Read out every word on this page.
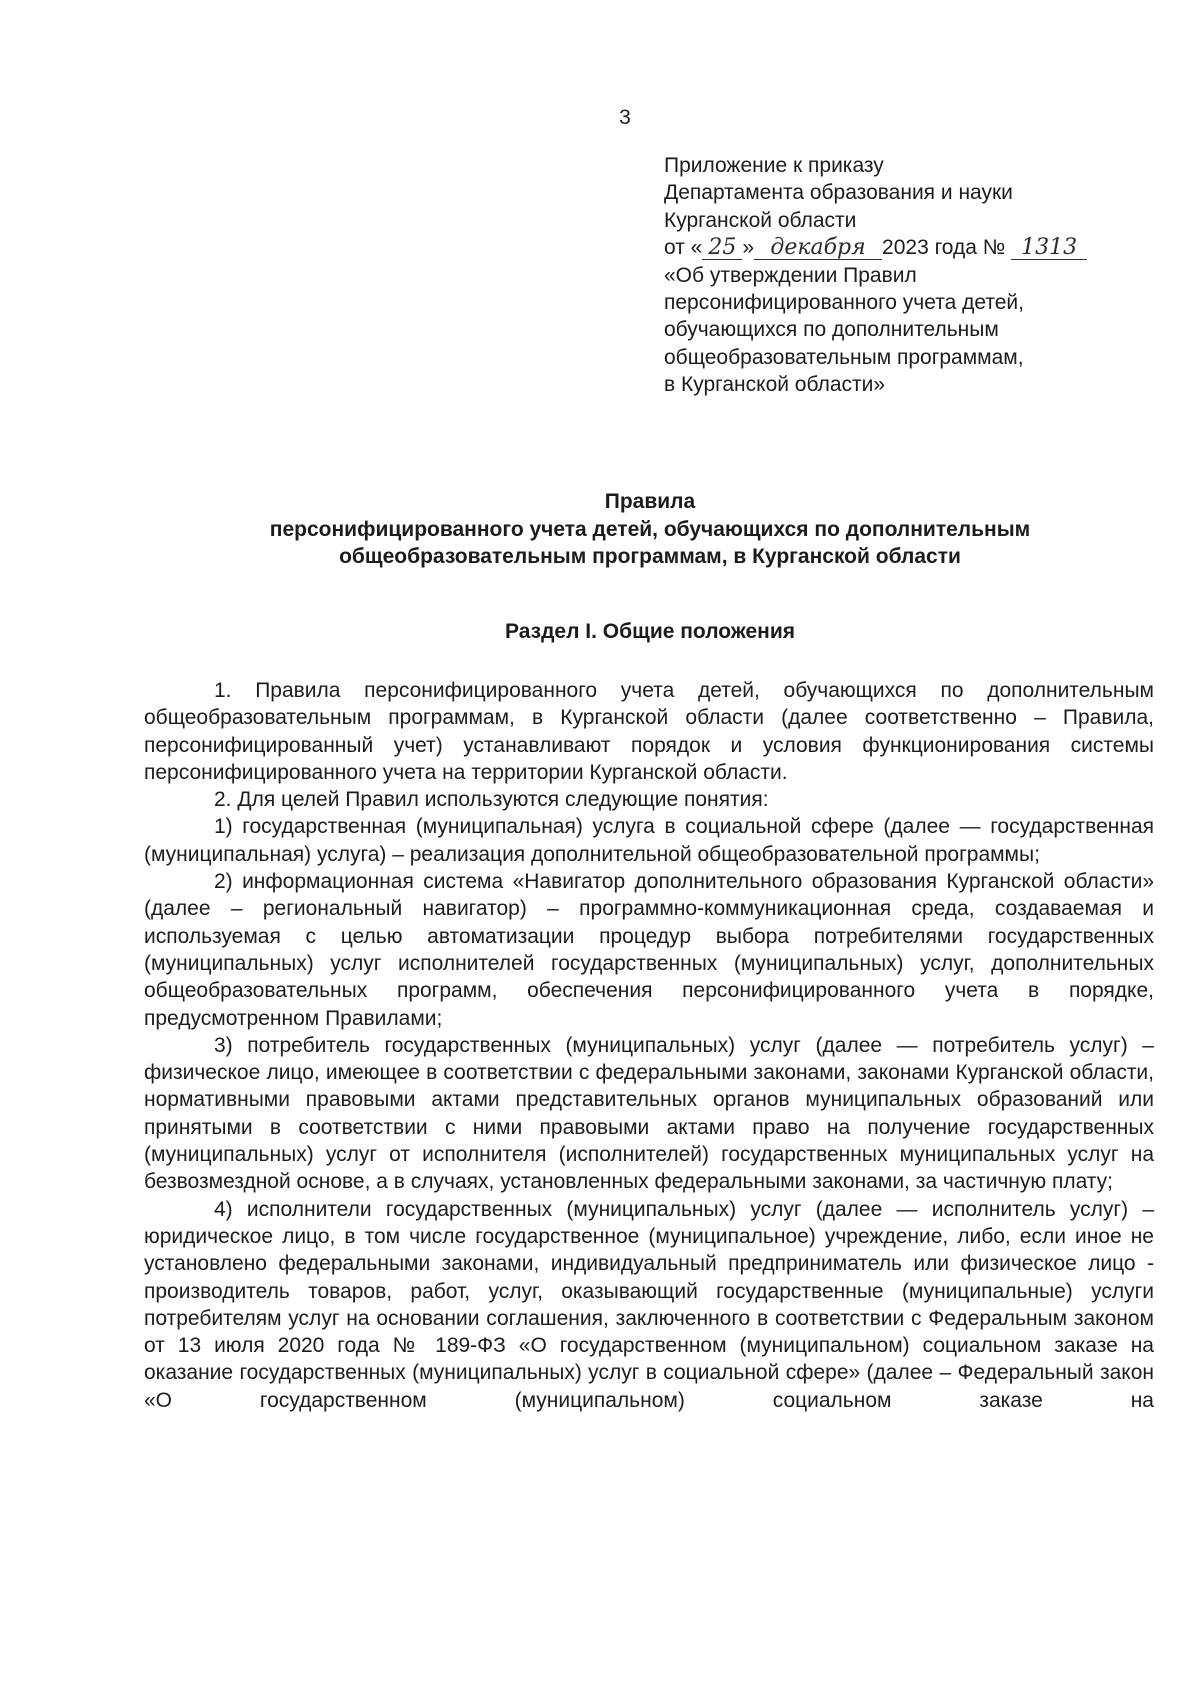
3
Приложение к приказу
Департамента образования и науки
Курганской области
от « 25 » декабря 2023 года № 1313
«Об утверждении Правил
персонифицированного учета детей,
обучающихся по дополнительным
общеобразовательным программам,
в Курганской области»
Правила
персонифицированного учета детей, обучающихся по дополнительным
общеобразовательным программам, в Курганской области
Раздел I. Общие положения

1. Правила персонифицированного учета детей, обучающихся по дополнительным общеобразовательным программам, в Курганской области (далее соответственно – Правила, персонифицированный учет) устанавливают порядок и условия функционирования системы персонифицированного учета на территории Курганской области.

2. Для целей Правил используются следующие понятия:

1) государственная (муниципальная) услуга в социальной сфере (далее — государственная (муниципальная) услуга) – реализация дополнительной общеобразовательной программы;

2) информационная система «Навигатор дополнительного образования Курганской области» (далее – региональный навигатор) – программно-коммуникационная среда, создаваемая и используемая с целью автоматизации процедур выбора потребителями государственных (муниципальных) услуг исполнителей государственных (муниципальных) услуг, дополнительных общеобразовательных программ, обеспечения персонифицированного учета в порядке, предусмотренном Правилами;

3) потребитель государственных (муниципальных) услуг (далее — потребитель услуг) – физическое лицо, имеющее в соответствии с федеральными законами, законами Курганской области, нормативными правовыми актами представительных органов муниципальных образований или принятыми в соответствии с ними правовыми актами право на получение государственных (муниципальных) услуг от исполнителя (исполнителей) государственных муниципальных услуг на безвозмездной основе, а в случаях, установленных федеральными законами, за частичную плату;

4) исполнители государственных (муниципальных) услуг (далее — исполнитель услуг) – юридическое лицо, в том числе государственное (муниципальное) учреждение, либо, если иное не установлено федеральными законами, индивидуальный предприниматель или физическое лицо - производитель товаров, работ, услуг, оказывающий государственные (муниципальные) услуги потребителям услуг на основании соглашения, заключенного в соответствии с Федеральным законом от 13 июля 2020 года № 189-ФЗ «О государственном (муниципальном) социальном заказе на оказание государственных (муниципальных) услуг в социальной сфере» (далее – Федеральный закон «О государственном (муниципальном) социальном заказе на
